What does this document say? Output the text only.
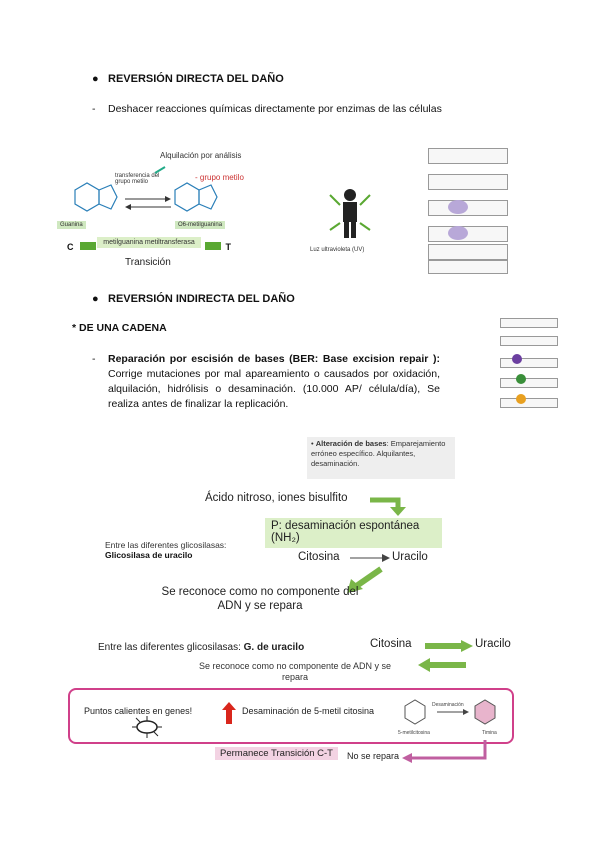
● REVERSIÓN DIRECTA DEL DAÑO
- Deshacer reacciones químicas directamente por enzimas de las células
Alquilación por análisis
- grupo metilo
transferencia del grupo metilo
Guanina	O6-metilguanina
C	metilguanina metiltransferasa	T
Transición
Luz ultravioleta (UV)
● REVERSIÓN INDIRECTA DEL DAÑO
* DE UNA CADENA
- Reparación por escisión de bases (BER: Base excision repair ): Corrige mutaciones por mal apareamiento o causados por oxidación, alquilación, hidrólisis o desaminación. (10.000 AP/ célula/día), Se realiza antes de finalizar la replicación.
• Alteración de bases: Emparejamiento erróneo específico. Alquilantes, desaminación.
Ácido nitroso, iones bisulfito
P: desaminación espontánea (NH₂)
Entre las diferentes glicosilasas:
Glicosilasa de uracilo	Citosina	Uracilo
Se reconoce como no componente del ADN y se repara
Entre las diferentes glicosilasas: G. de uracilo	Citosina	Uracilo
Se reconoce como no componente de ADN y se repara
Puntos calientes en genes!	Desaminación de 5-metil citosina
5-metilcitosina
Desaminación
Timina
Permanece Transición C-T	No se repara
